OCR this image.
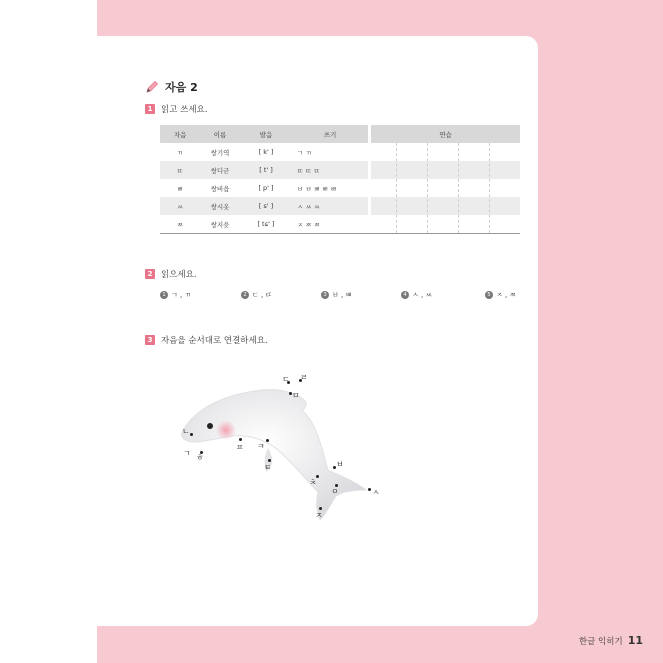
자음 2
1	읽고 쓰세요.
자음	이름	발음	쓰기
ㄲ	쌍기역	[ k' ]	ㄱ ㄲ
ㄸ	쌍디귿	[ t' ]	ㄸ ㄸ ㄸ
ㅃ	쌍비읍	[ p' ]	ㅂ ㅂ ㅃ ㅃ ㅃ
ㅆ	쌍시옷	[ s' ]	ㅅ ㅆ ㅆ
ㅉ	쌍지읒	[ tɕ' ]	ㅈ ㅉ ㅉ
연습
2	읽으세요.
1 ㄱ , ㄲ	2 ㄷ , ㄸ	3 ㅂ , ㅃ	4 ㅅ , ㅆ	5 ㅈ , ㅉ
3	자음을 순서대로 연결하세요.
ㄴ
ㅎ
ㄱ
ㅍ ㅋ
ㅌ
ㄷ ㄹ
ㅁ
ㅂ
ㅊ
ㅇ	ㅅ
ㅈ
한글 익히기 11
